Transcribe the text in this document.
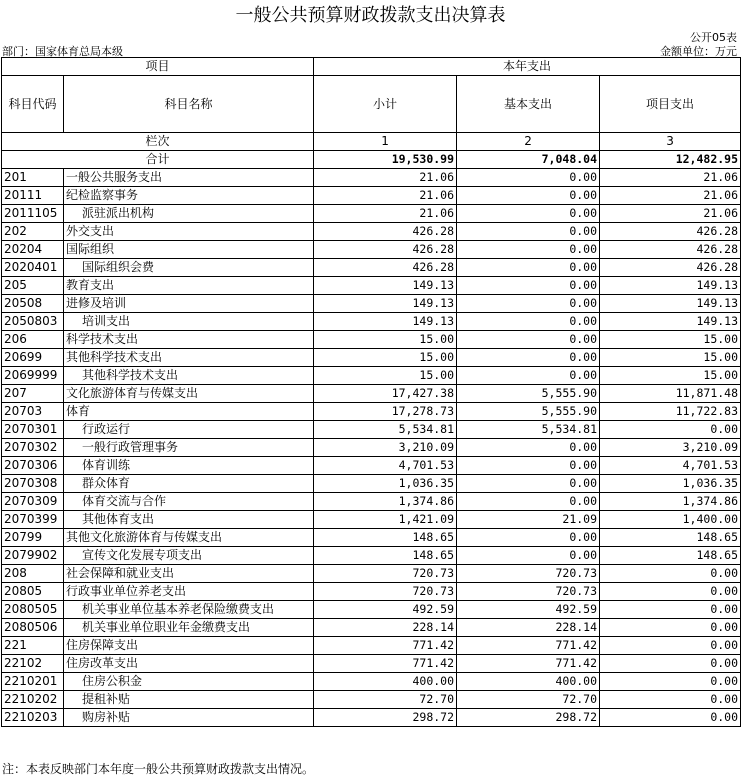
一般公共预算财政拨款支出决算表
公开05表
部门：国家体育总局本级	金额单位：万元
项目		本年支出		
科目代码	科目名称	小计	基本支出	项目支出
栏次		1	2	3
合计		19,530.99	7,048.04	12,482.95
201	一般公共服务支出	21.06	0.00	21.06
20111	纪检监察事务	21.06	0.00	21.06
2011105	派驻派出机构	21.06	0.00	21.06
202	外交支出	426.28	0.00	426.28
20204	国际组织	426.28	0.00	426.28
2020401	国际组织会费	426.28	0.00	426.28
205	教育支出	149.13	0.00	149.13
20508	进修及培训	149.13	0.00	149.13
2050803	培训支出	149.13	0.00	149.13
206	科学技术支出	15.00	0.00	15.00
20699	其他科学技术支出	15.00	0.00	15.00
2069999	其他科学技术支出	15.00	0.00	15.00
207	文化旅游体育与传媒支出	17,427.38	5,555.90	11,871.48
20703	体育	17,278.73	5,555.90	11,722.83
2070301	行政运行	5,534.81	5,534.81	0.00
2070302	一般行政管理事务	3,210.09	0.00	3,210.09
2070306	体育训练	4,701.53	0.00	4,701.53
2070308	群众体育	1,036.35	0.00	1,036.35
2070309	体育交流与合作	1,374.86	0.00	1,374.86
2070399	其他体育支出	1,421.09	21.09	1,400.00
20799	其他文化旅游体育与传媒支出	148.65	0.00	148.65
2079902	宣传文化发展专项支出	148.65	0.00	148.65
208	社会保障和就业支出	720.73	720.73	0.00
20805	行政事业单位养老支出	720.73	720.73	0.00
2080505	机关事业单位基本养老保险缴费支出	492.59	492.59	0.00
2080506	机关事业单位职业年金缴费支出	228.14	228.14	0.00
221	住房保障支出	771.42	771.42	0.00
22102	住房改革支出	771.42	771.42	0.00
2210201	住房公积金	400.00	400.00	0.00
2210202	提租补贴	72.70	72.70	0.00
2210203	购房补贴	298.72	298.72	0.00
注：本表反映部门本年度一般公共预算财政拨款支出情况。
